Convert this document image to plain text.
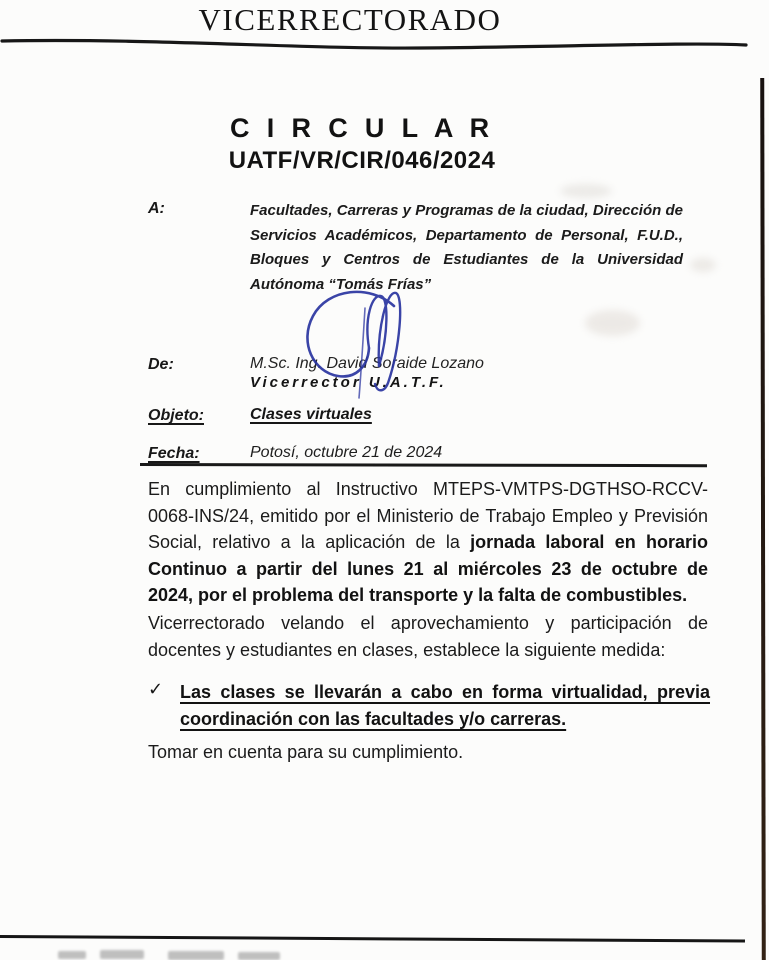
VICERRECTORADO
C I R C U L A R
UATF/VR/CIR/046/2024
A:	Facultades, Carreras y Programas de la ciudad, Dirección de Servicios Académicos, Departamento de Personal, F.U.D., Bloques y Centros de Estudiantes de la Universidad Autónoma “Tomás Frías”
De:	M.Sc. Ing. David Soraide Lozano
Vicerrector U.A.T.F.
Objeto:	Clases virtuales
Fecha:	Potosí, octubre 21 de 2024

En cumplimiento al Instructivo MTEPS-VMTPS-DGTHSO-RCCV-0068-INS/24, emitido por el Ministerio de Trabajo Empleo y Previsión Social, relativo a la aplicación de la jornada laboral en horario Continuo a partir del lunes 21 al miércoles 23 de octubre de 2024, por el problema del transporte y la falta de combustibles.

Vicerrectorado velando el aprovechamiento y participación de docentes y estudiantes en clases, establece la siguiente medida:

✓ Las clases se llevarán a cabo en forma virtualidad, previa coordinación con las facultades y/o carreras.

Tomar en cuenta para su cumplimiento.
